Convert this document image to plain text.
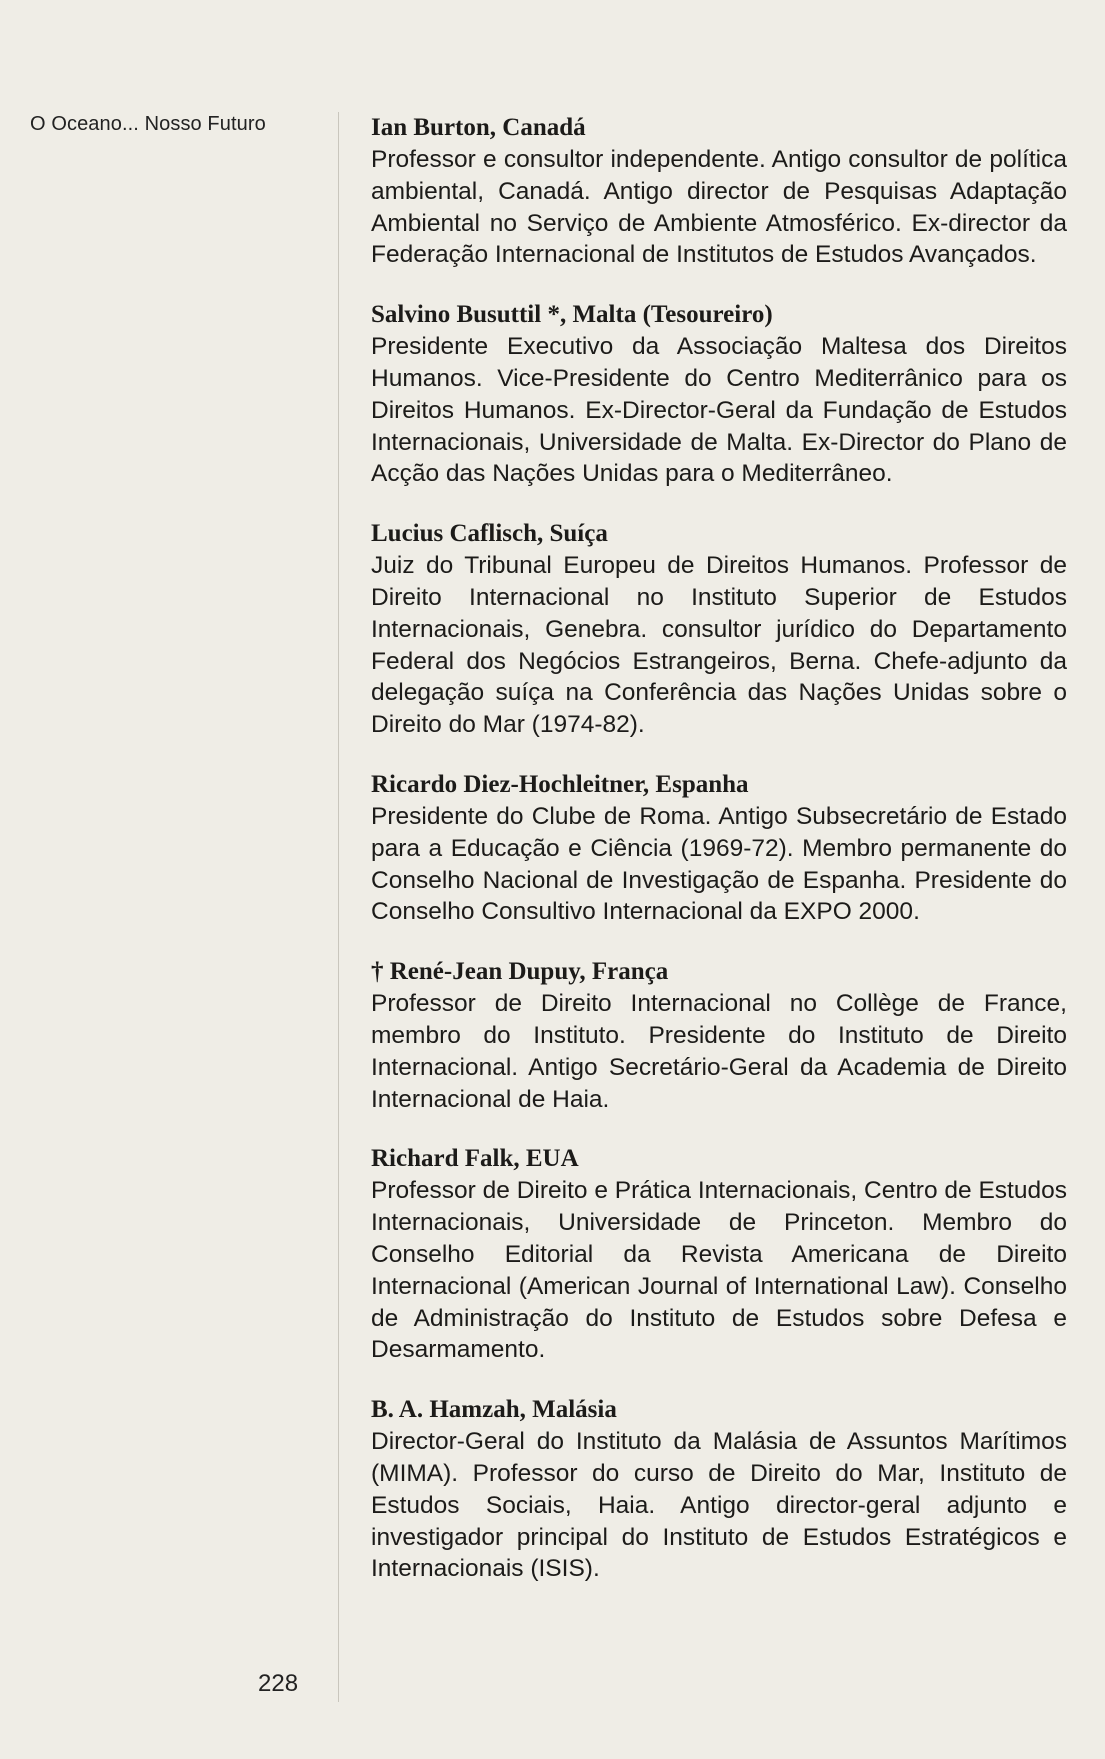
O Oceano... Nosso Futuro	Ian Burton, Canadá

Professor e consultor independente. Antigo consultor de política ambiental, Canadá. Antigo director de Pesquisas Adaptação Ambiental no Serviço de Ambiente Atmosférico. Ex-director da Federação Internacional de Institutos de Estudos Avançados.

Salvino Busuttil *, Malta (Tesoureiro)

Presidente Executivo da Associação Maltesa dos Direitos Humanos. Vice-Presidente do Centro Mediterrânico para os Direitos Humanos. Ex-Director-Geral da Fundação de Estudos Internacionais, Universidade de Malta. Ex-Director do Plano de Acção das Nações Unidas para o Mediterrâneo.

Lucius Caflisch, Suíça

Juiz do Tribunal Europeu de Direitos Humanos. Professor de Direito Internacional no Instituto Superior de Estudos Internacionais, Genebra. consultor jurídico do Departamento Federal dos Negócios Estrangeiros, Berna. Chefe-adjunto da delegação suíça na Conferência das Nações Unidas sobre o Direito do Mar (1974-82).

Ricardo Diez-Hochleitner, Espanha

Presidente do Clube de Roma. Antigo Subsecretário de Estado para a Educação e Ciência (1969-72). Membro permanente do Conselho Nacional de Investigação de Espanha. Presidente do Conselho Consultivo Internacional da EXPO 2000.

† René-Jean Dupuy, França

Professor de Direito Internacional no Collège de France, membro do Instituto. Presidente do Instituto de Direito Internacional. Antigo Secretário-Geral da Academia de Direito Internacional de Haia.

Richard Falk, EUA

Professor de Direito e Prática Internacionais, Centro de Estudos Internacionais, Universidade de Princeton. Membro do Conselho Editorial da Revista Americana de Direito Internacional (American Journal of International Law). Conselho de Administração do Instituto de Estudos sobre Defesa e Desarmamento.

B. A. Hamzah, Malásia

Director-Geral do Instituto da Malásia de Assuntos Marítimos (MIMA). Professor do curso de Direito do Mar, Instituto de Estudos Sociais, Haia. Antigo director-geral adjunto e investigador principal do Instituto de Estudos Estratégicos e Internacionais (ISIS).

228
